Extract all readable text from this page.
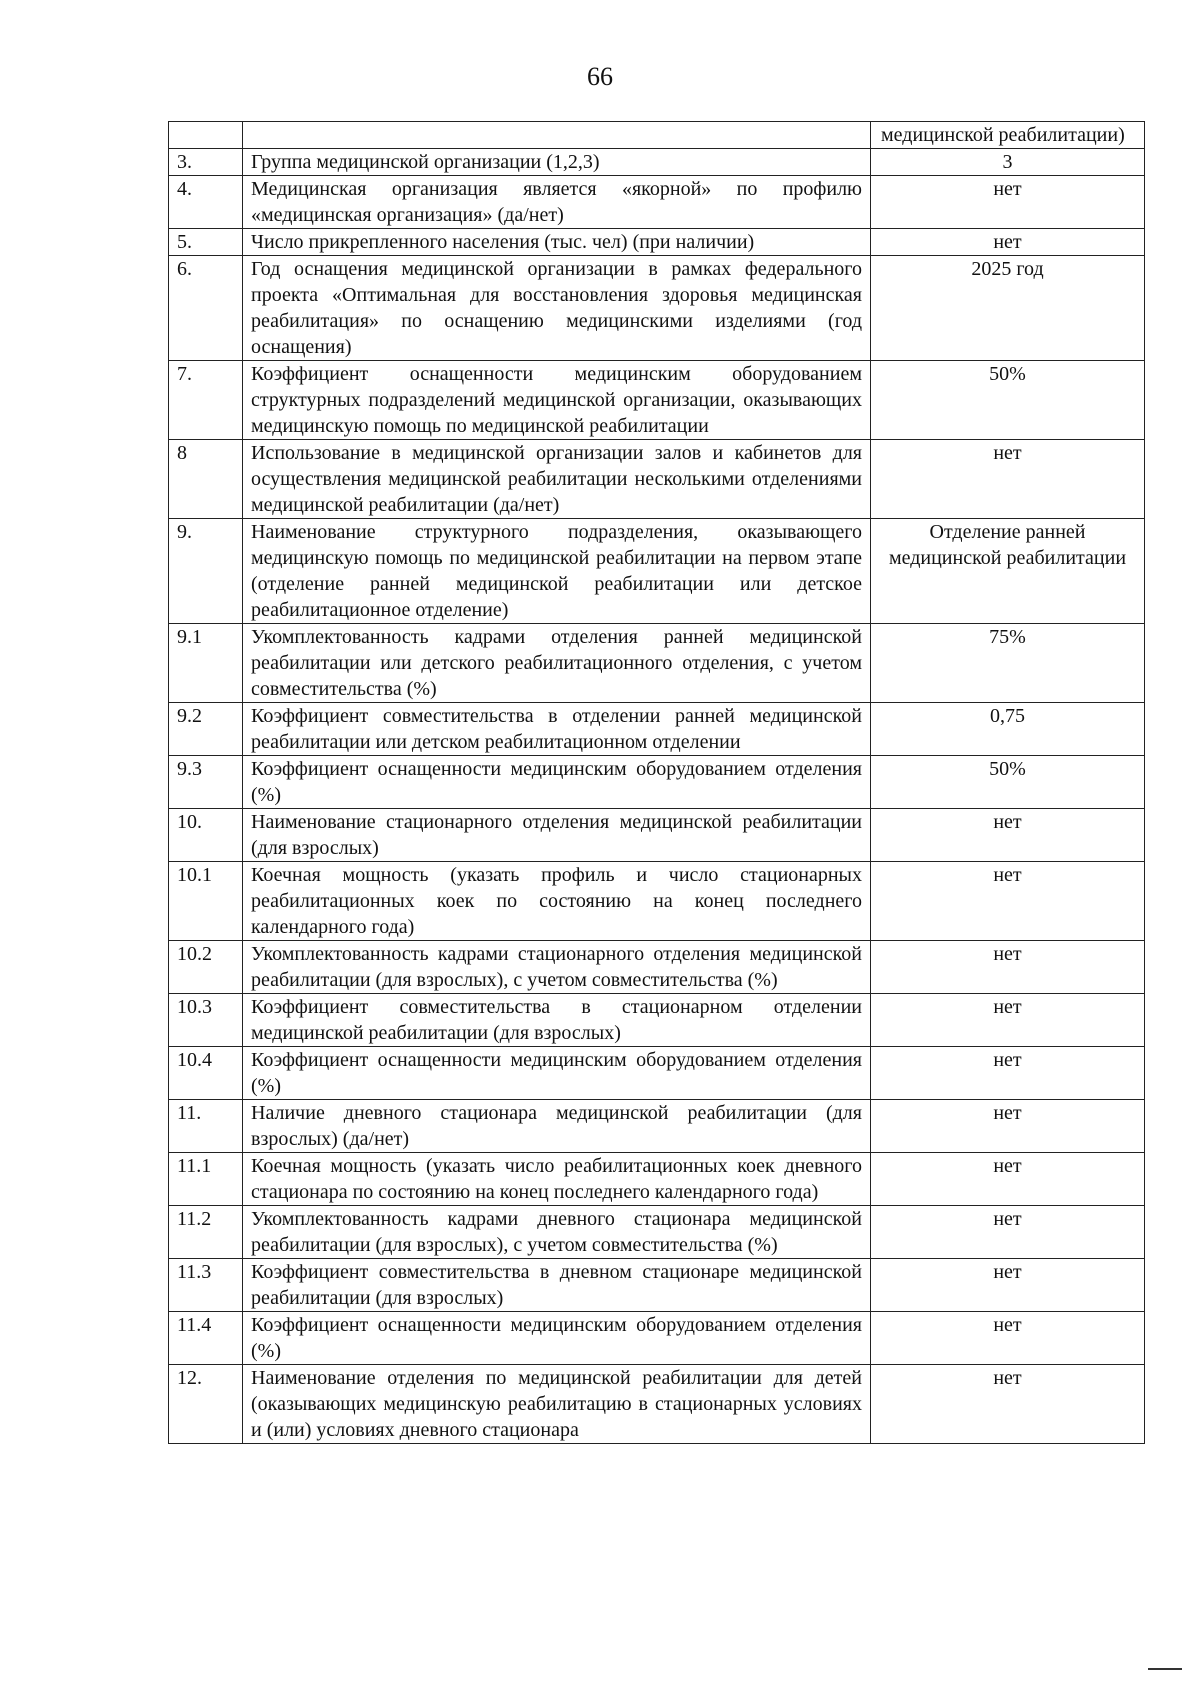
66
		медицинской реабилитации)
3.	Группа медицинской организации (1,2,3)	3
4.	Медицинская организация является «якорной» по профилю «медицинская организация» (да/нет)	нет
5.	Число прикрепленного населения (тыс. чел) (при наличии)	нет
6.	Год оснащения медицинской организации в рамках федерального проекта «Оптимальная для восстановления здоровья медицинская реабилитация» по оснащению медицинскими изделиями (год оснащения)	2025 год
7.	Коэффициент оснащенности медицинским оборудованием структурных подразделений медицинской организации, оказывающих медицинскую помощь по медицинской реабилитации	50%
8	Использование в медицинской организации залов и кабинетов для осуществления медицинской реабилитации несколькими отделениями медицинской реабилитации (да/нет)	нет
9.	Наименование структурного подразделения, оказывающего медицинскую помощь по медицинской реабилитации на первом этапе (отделение ранней медицинской реабилитации или детское реабилитационное отделение)	Отделение ранней медицинской реабилитации
9.1	Укомплектованность кадрами отделения ранней медицинской реабилитации или детского реабилитационного отделения, с учетом совместительства (%)	75%
9.2	Коэффициент совместительства в отделении ранней медицинской реабилитации или детском реабилитационном отделении	0,75
9.3	Коэффициент оснащенности медицинским оборудованием отделения (%)	50%
10.	Наименование стационарного отделения медицинской реабилитации (для взрослых)	нет
10.1	Коечная мощность (указать профиль и число стационарных реабилитационных коек по состоянию на конец последнего календарного года)	нет
10.2	Укомплектованность кадрами стационарного отделения медицинской реабилитации (для взрослых), с учетом совместительства (%)	нет
10.3	Коэффициент совместительства в стационарном отделении медицинской реабилитации (для взрослых)	нет
10.4	Коэффициент оснащенности медицинским оборудованием отделения (%)	нет
11.	Наличие дневного стационара медицинской реабилитации (для взрослых) (да/нет)	нет
11.1	Коечная мощность (указать число реабилитационных коек дневного стационара по состоянию на конец последнего календарного года)	нет
11.2	Укомплектованность кадрами дневного стационара медицинской реабилитации (для взрослых), с учетом совместительства (%)	нет
11.3	Коэффициент совместительства в дневном стационаре медицинской реабилитации (для взрослых)	нет
11.4	Коэффициент оснащенности медицинским оборудованием отделения (%)	нет
12.	Наименование отделения по медицинской реабилитации для детей (оказывающих медицинскую реабилитацию в стационарных условиях и (или) условиях дневного стационара	нет
